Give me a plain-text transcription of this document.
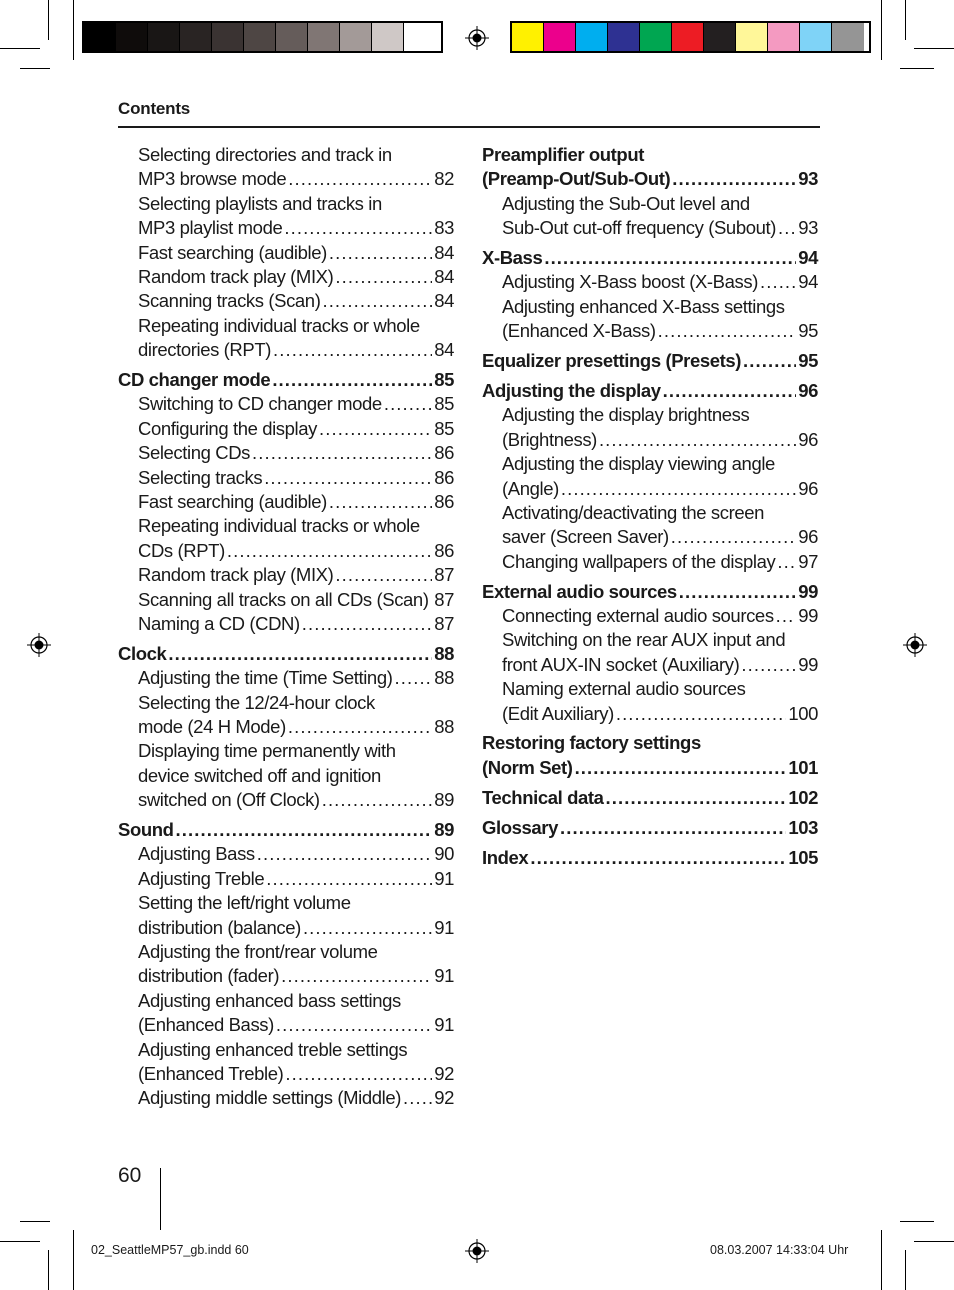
Contents
Selecting directories and track in
MP3 browse mode .....	82
Selecting playlists and tracks in
MP3 playlist mode .....	83
Fast searching (audible) .....	84
Random track play (MIX) .....	84
Scanning tracks (Scan) .....	84
Repeating individual tracks or whole
directories (RPT) .....	84
CD changer mode .....	85
Switching to CD changer mode .....	85
Configuring the display .....	85
Selecting CDs .....	86
Selecting tracks .....	86
Fast searching (audible) .....	86
Repeating individual tracks or whole
CDs (RPT) .....	86
Random track play (MIX) .....	87
Scanning all tracks on all CDs (Scan) ..... 87
Naming a CD (CDN) .....	87
Clock .....	88
Adjusting the time (Time Setting) ..... 88
Selecting the 12/24-hour clock
mode (24 H Mode) .....	88
Displaying time permanently with
device switched off and ignition
switched on (Off Clock) .....	89
Sound .....	89
Adjusting Bass .....	90
Adjusting Treble .....	91
Setting the left/right volume
distribution (balance) .....	91
Adjusting the front/rear volume
distribution (fader) .....	91
Adjusting enhanced bass settings
(Enhanced Bass) .....	91
Adjusting enhanced treble settings
(Enhanced Treble) .....	92
Adjusting middle settings (Middle) ..... 92
Preamplifier output
(Preamp-Out/Sub-Out) .....	93
Adjusting the Sub-Out level and
Sub-Out cut-off frequency (Subout) ..... 93
X-Bass .....	94
Adjusting X-Bass boost (X-Bass) ..... 94
Adjusting enhanced X-Bass settings
(Enhanced X-Bass) .....	95
Equalizer presettings (Presets) .....	95
Adjusting the display .....	96
Adjusting the display brightness
(Brightness) .....	96
Adjusting the display viewing angle
(Angle) .....	96
Activating/deactivating the screen
saver (Screen Saver) .....	96
Changing wallpapers of the display ..... 97
External audio sources .....	99
Connecting external audio sources ..... 99
Switching on the rear AUX input and
front AUX-IN socket (Auxiliary) .....	99
Naming external audio sources
(Edit Auxiliary) .....	100
Restoring factory settings
(Norm Set) .....	101
Technical data .....	102
Glossary .....	103
Index .....	105
60
02_SeattleMP57_gb.indd 60	08.03.2007 14:33:04 Uhr
